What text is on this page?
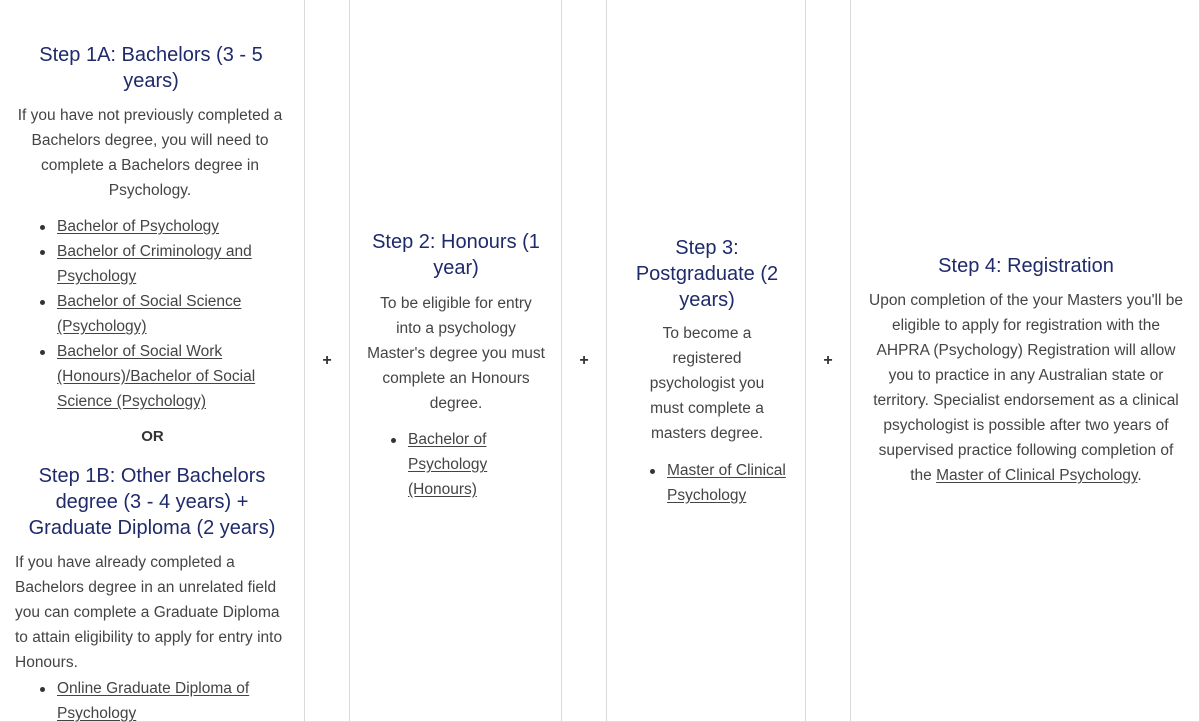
Step 1A: Bachelors (3 - 5 years)

If you have not previously completed a Bachelors degree, you will need to complete a Bachelors degree in Psychology.

Bachelor of Psychology
Bachelor of Criminology and Psychology
Bachelor of Social Science (Psychology)
Bachelor of Social Work (Honours)/Bachelor of Social Science (Psychology)
OR
Step 1B: Other Bachelors degree (3 - 4 years) + Graduate Diploma (2 years)

If you have already completed a Bachelors degree in an unrelated field you can complete a Graduate Diploma to attain eligibility to apply for entry into Honours.

Online Graduate Diploma of Psychology
+
Step 2: Honours (1 year)

To be eligible for entry into a psychology Master's degree you must complete an Honours degree.

Bachelor of Psychology (Honours)
+
Step 3: Postgraduate (2 years)

To become a registered psychologist you must complete a masters degree.

Master of Clinical Psychology
+
Step 4: Registration

Upon completion of the your Masters you'll be eligible to apply for registration with the AHPRA (Psychology) Registration will allow you to practice in any Australian state or territory. Specialist endorsement as a clinical psychologist is possible after two years of supervised practice following completion of the Master of Clinical Psychology.
